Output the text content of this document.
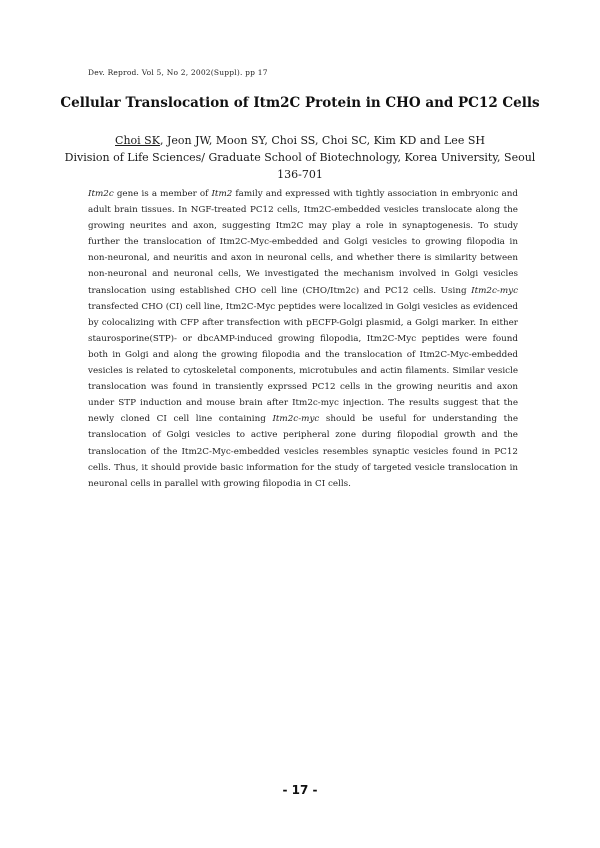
Dev. Reprod. Vol 5, No 2, 2002(Suppl). pp 17
Cellular Translocation of Itm2C Protein in CHO and PC12 Cells
Choi SK, Jeon JW, Moon SY, Choi SS, Choi SC, Kim KD and Lee SH
Division of Life Sciences/ Graduate School of Biotechnology, Korea University, Seoul
136-701

Itm2c gene is a member of Itm2 family and expressed with tightly association in embryonic and adult brain tissues. In NGF-treated PC12 cells, Itm2C-embedded vesicles translocate along the growing neurites and axon, suggesting Itm2C may play a role in synaptogenesis. To study further the translocation of Itm2C-Myc-embedded and Golgi vesicles to growing filopodia in non-neuronal, and neuritis and axon in neuronal cells, and whether there is similarity between non-neuronal and neuronal cells, We investigated the mechanism involved in Golgi vesicles translocation using established CHO cell line (CHO/Itm2c) and PC12 cells. Using Itm2c-myc transfected CHO (CI) cell line, Itm2C-Myc peptides were localized in Golgi vesicles as evidenced by colocalizing with CFP after transfection with pECFP-Golgi plasmid, a Golgi marker. In either staurosporine(STP)- or dbcAMP-induced growing filopodia, Itm2C-Myc peptides were found both in Golgi and along the growing filopodia and the translocation of Itm2C-Myc-embedded vesicles is related to cytoskeletal components, microtubules and actin filaments. Similar vesicle translocation was found in transiently exprssed PC12 cells in the growing neuritis and axon under STP induction and mouse brain after Itm2c-myc injection. The results suggest that the newly cloned CI cell line containing Itm2c-myc should be useful for understanding the translocation of Golgi vesicles to active peripheral zone during filopodial growth and the translocation of the Itm2C-Myc-embedded vesicles resembles synaptic vesicles found in PC12 cells. Thus, it should provide basic information for the study of targeted vesicle translocation in neuronal cells in parallel with growing filopodia in CI cells.

- 17 -
